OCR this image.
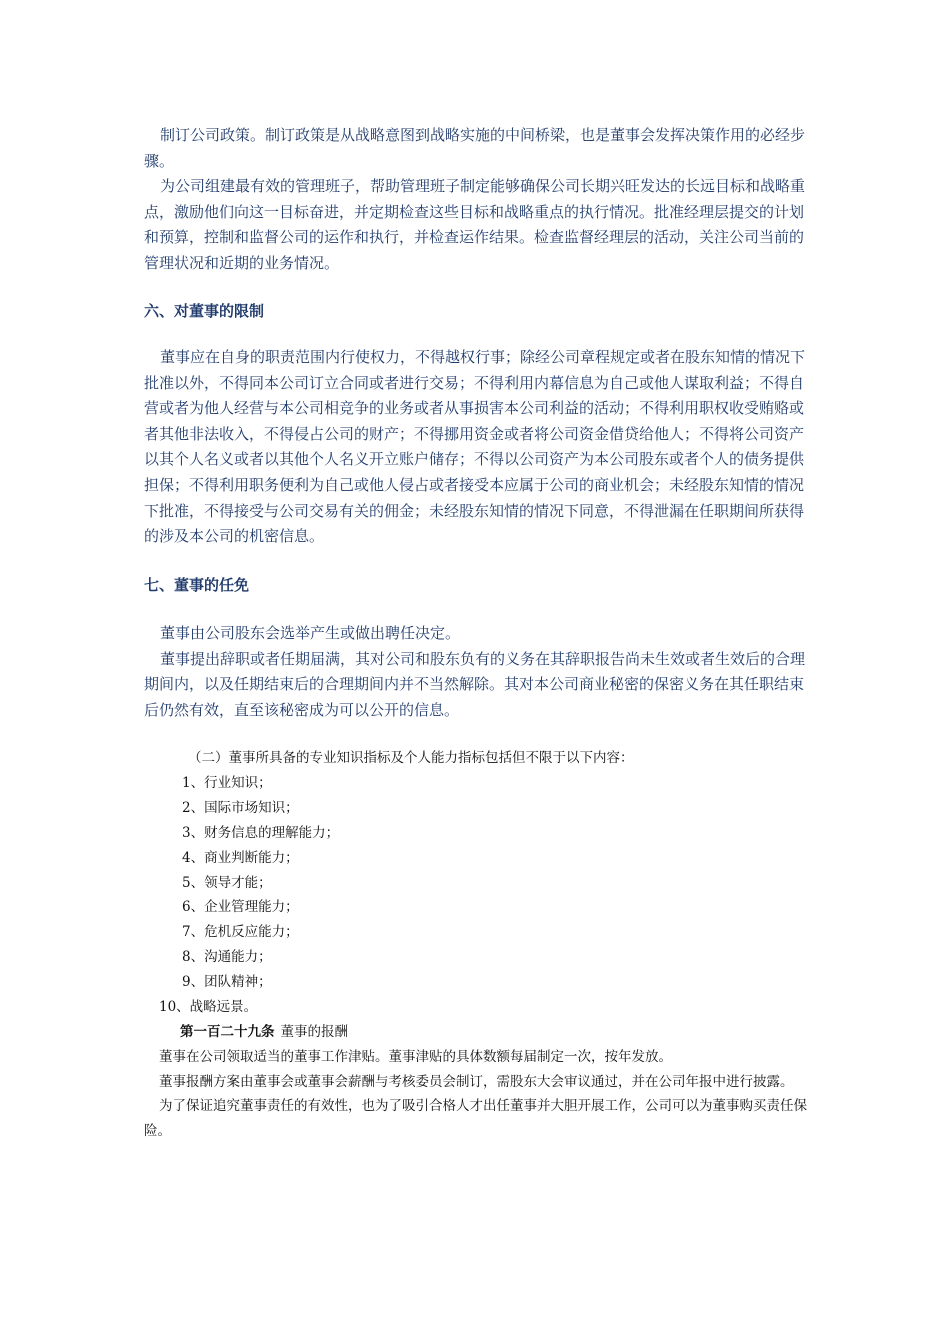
制订公司政策。制订政策是从战略意图到战略实施的中间桥梁，也是董事会发挥决策作用的必经步骤。

为公司组建最有效的管理班子，帮助管理班子制定能够确保公司长期兴旺发达的长远目标和战略重点，激励他们向这一目标奋进，并定期检查这些目标和战略重点的执行情况。批准经理层提交的计划和预算，控制和监督公司的运作和执行，并检查运作结果。检查监督经理层的活动，关注公司当前的管理状况和近期的业务情况。

六、对董事的限制

董事应在自身的职责范围内行使权力，不得越权行事；除经公司章程规定或者在股东知情的情况下批准以外，不得同本公司订立合同或者进行交易；不得利用内幕信息为自己或他人谋取利益；不得自营或者为他人经营与本公司相竞争的业务或者从事损害本公司利益的活动；不得利用职权收受贿赂或者其他非法收入，不得侵占公司的财产；不得挪用资金或者将公司资金借贷给他人；不得将公司资产以其个人名义或者以其他个人名义开立账户储存；不得以公司资产为本公司股东或者个人的债务提供担保；不得利用职务便利为自己或他人侵占或者接受本应属于公司的商业机会；未经股东知情的情况下批准，不得接受与公司交易有关的佣金；未经股东知情的情况下同意，不得泄漏在任职期间所获得的涉及本公司的机密信息。

七、董事的任免

董事由公司股东会选举产生或做出聘任决定。

董事提出辞职或者任期届满，其对公司和股东负有的义务在其辞职报告尚未生效或者生效后的合理期间内，以及任期结束后的合理期间内并不当然解除。其对本公司商业秘密的保密义务在其任职结束后仍然有效，直至该秘密成为可以公开的信息。

（二）董事所具备的专业知识指标及个人能力指标包括但不限于以下内容：
1、行业知识；
2、国际市场知识；
3、财务信息的理解能力；
4、商业判断能力；
5、领导才能；
6、企业管理能力；
7、危机反应能力；
8、沟通能力；
9、团队精神；
10、战略远景。
第一百二十九条 董事的报酬

董事在公司领取适当的董事工作津贴。董事津贴的具体数额每届制定一次，按年发放。

董事报酬方案由董事会或董事会薪酬与考核委员会制订，需股东大会审议通过，并在公司年报中进行披露。

为了保证追究董事责任的有效性，也为了吸引合格人才出任董事并大胆开展工作，公司可以为董事购买责任保险。
